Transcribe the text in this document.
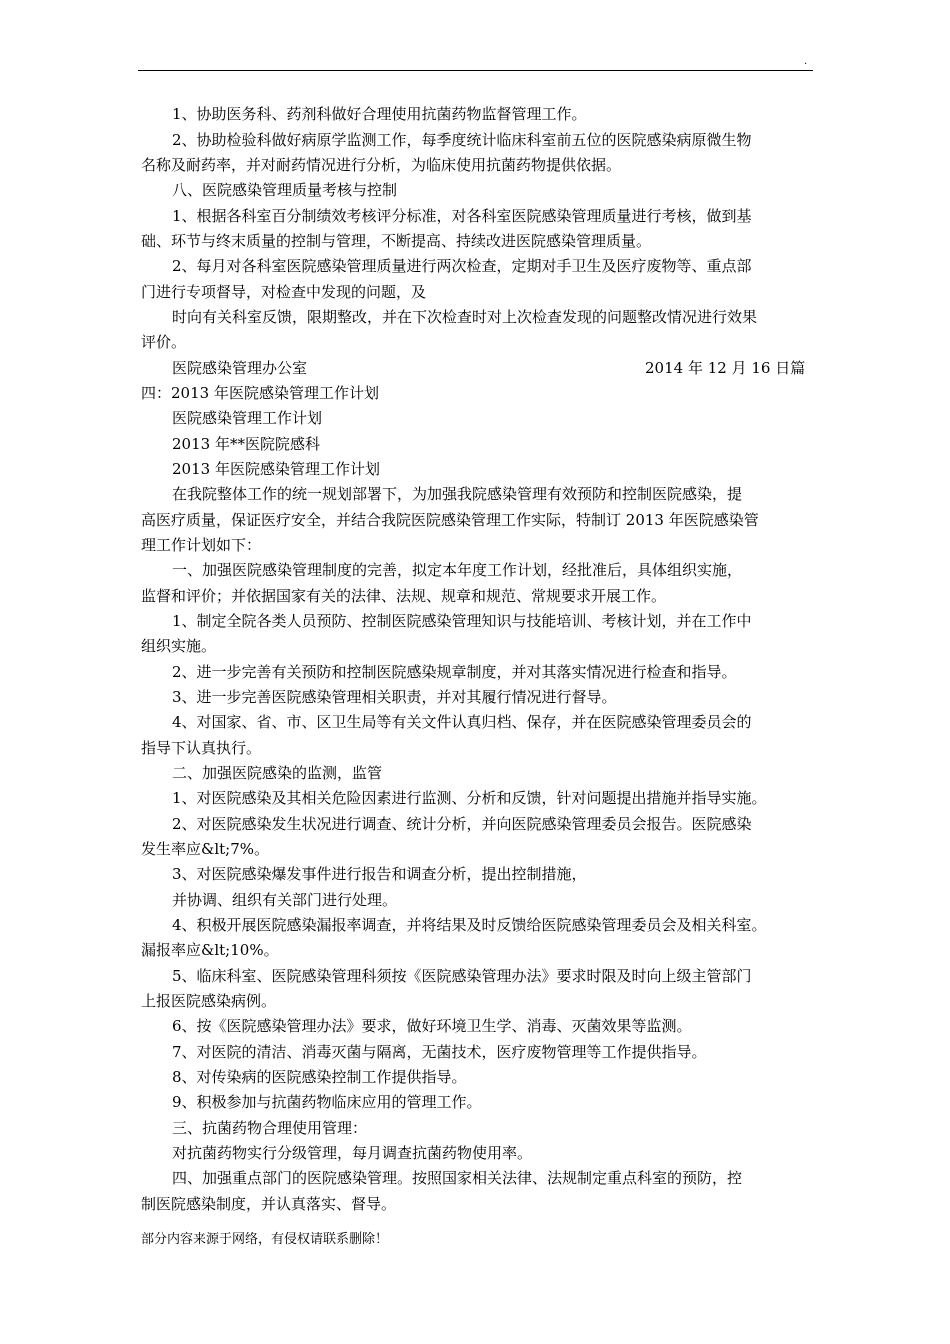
.
1、协助医务科、药剂科做好合理使用抗菌药物监督管理工作。
2、协助检验科做好病原学监测工作，每季度统计临床科室前五位的医院感染病原微生物
名称及耐药率，并对耐药情况进行分析，为临床使用抗菌药物提供依据。
八、医院感染管理质量考核与控制
1、根据各科室百分制绩效考核评分标准，对各科室医院感染管理质量进行考核，做到基
础、环节与终末质量的控制与管理，不断提高、持续改进医院感染管理质量。
2、每月对各科室医院感染管理质量进行两次检查，定期对手卫生及医疗废物等、重点部
门进行专项督导，对检查中发现的问题，及
时向有关科室反馈，限期整改，并在下次检查时对上次检查发现的问题整改情况进行效果
评价。
医院感染管理办公室	2014 年 12 月 16 日篇
四：2013 年医院感染管理工作计划
医院感染管理工作计划
2013 年**医院院感科
2013 年医院感染管理工作计划
在我院整体工作的统一规划部署下，为加强我院感染管理有效预防和控制医院感染，提
高医疗质量，保证医疗安全，并结合我院医院感染管理工作实际，特制订 2013 年医院感染管
理工作计划如下：
一、加强医院感染管理制度的完善，拟定本年度工作计划，经批准后，具体组织实施，
监督和评价；并依据国家有关的法律、法规、规章和规范、常规要求开展工作。
1、制定全院各类人员预防、控制医院感染管理知识与技能培训、考核计划，并在工作中
组织实施。
2、进一步完善有关预防和控制医院感染规章制度，并对其落实情况进行检查和指导。
3、进一步完善医院感染管理相关职责，并对其履行情况进行督导。
4、对国家、省、市、区卫生局等有关文件认真归档、保存，并在医院感染管理委员会的
指导下认真执行。
二、加强医院感染的监测，监管
1、对医院感染及其相关危险因素进行监测、分析和反馈，针对问题提出措施并指导实施。
2、对医院感染发生状况进行调查、统计分析，并向医院感染管理委员会报告。医院感染
发生率应&lt;7%。
3、对医院感染爆发事件进行报告和调查分析，提出控制措施，
并协调、组织有关部门进行处理。
4、积极开展医院感染漏报率调查，并将结果及时反馈给医院感染管理委员会及相关科室。
漏报率应&lt;10%。
5、临床科室、医院感染管理科须按《医院感染管理办法》要求时限及时向上级主管部门
上报医院感染病例。
6、按《医院感染管理办法》要求，做好环境卫生学、消毒、灭菌效果等监测。
7、对医院的清洁、消毒灭菌与隔离，无菌技术，医疗废物管理等工作提供指导。
8、对传染病的医院感染控制工作提供指导。
9、积极参加与抗菌药物临床应用的管理工作。
三、抗菌药物合理使用管理：
对抗菌药物实行分级管理，每月调查抗菌药物使用率。
四、加强重点部门的医院感染管理。按照国家相关法律、法规制定重点科室的预防，控
制医院感染制度，并认真落实、督导。
部分内容来源于网络，有侵权请联系删除！
